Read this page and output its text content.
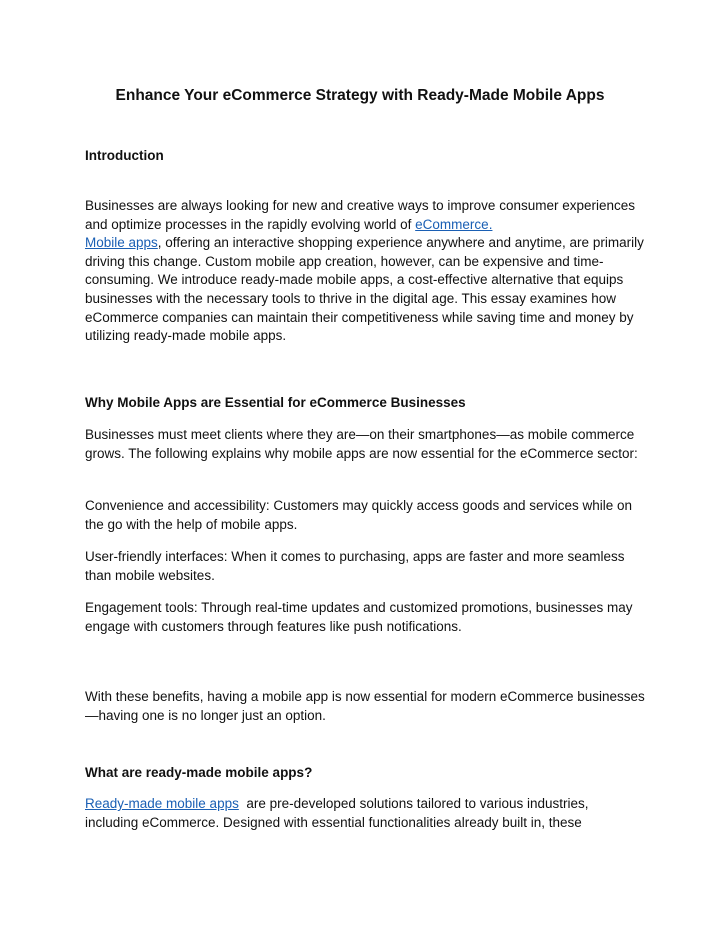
Enhance Your eCommerce Strategy with Ready-Made Mobile Apps
Introduction
Businesses are always looking for new and creative ways to improve consumer experiences and optimize processes in the rapidly evolving world of eCommerce.
Mobile apps, offering an interactive shopping experience anywhere and anytime, are primarily driving this change. Custom mobile app creation, however, can be expensive and time-consuming. We introduce ready-made mobile apps, a cost-effective alternative that equips businesses with the necessary tools to thrive in the digital age. This essay examines how eCommerce companies can maintain their competitiveness while saving time and money by utilizing ready-made mobile apps.
Why Mobile Apps are Essential for eCommerce Businesses
Businesses must meet clients where they are—on their smartphones—as mobile commerce grows. The following explains why mobile apps are now essential for the eCommerce sector:
Convenience and accessibility: Customers may quickly access goods and services while on the go with the help of mobile apps.
User-friendly interfaces: When it comes to purchasing, apps are faster and more seamless than mobile websites.
Engagement tools: Through real-time updates and customized promotions, businesses may engage with customers through features like push notifications.
With these benefits, having a mobile app is now essential for modern eCommerce businesses—having one is no longer just an option.
What are ready-made mobile apps?
Ready-made mobile apps  are pre-developed solutions tailored to various industries, including eCommerce. Designed with essential functionalities already built in, these
